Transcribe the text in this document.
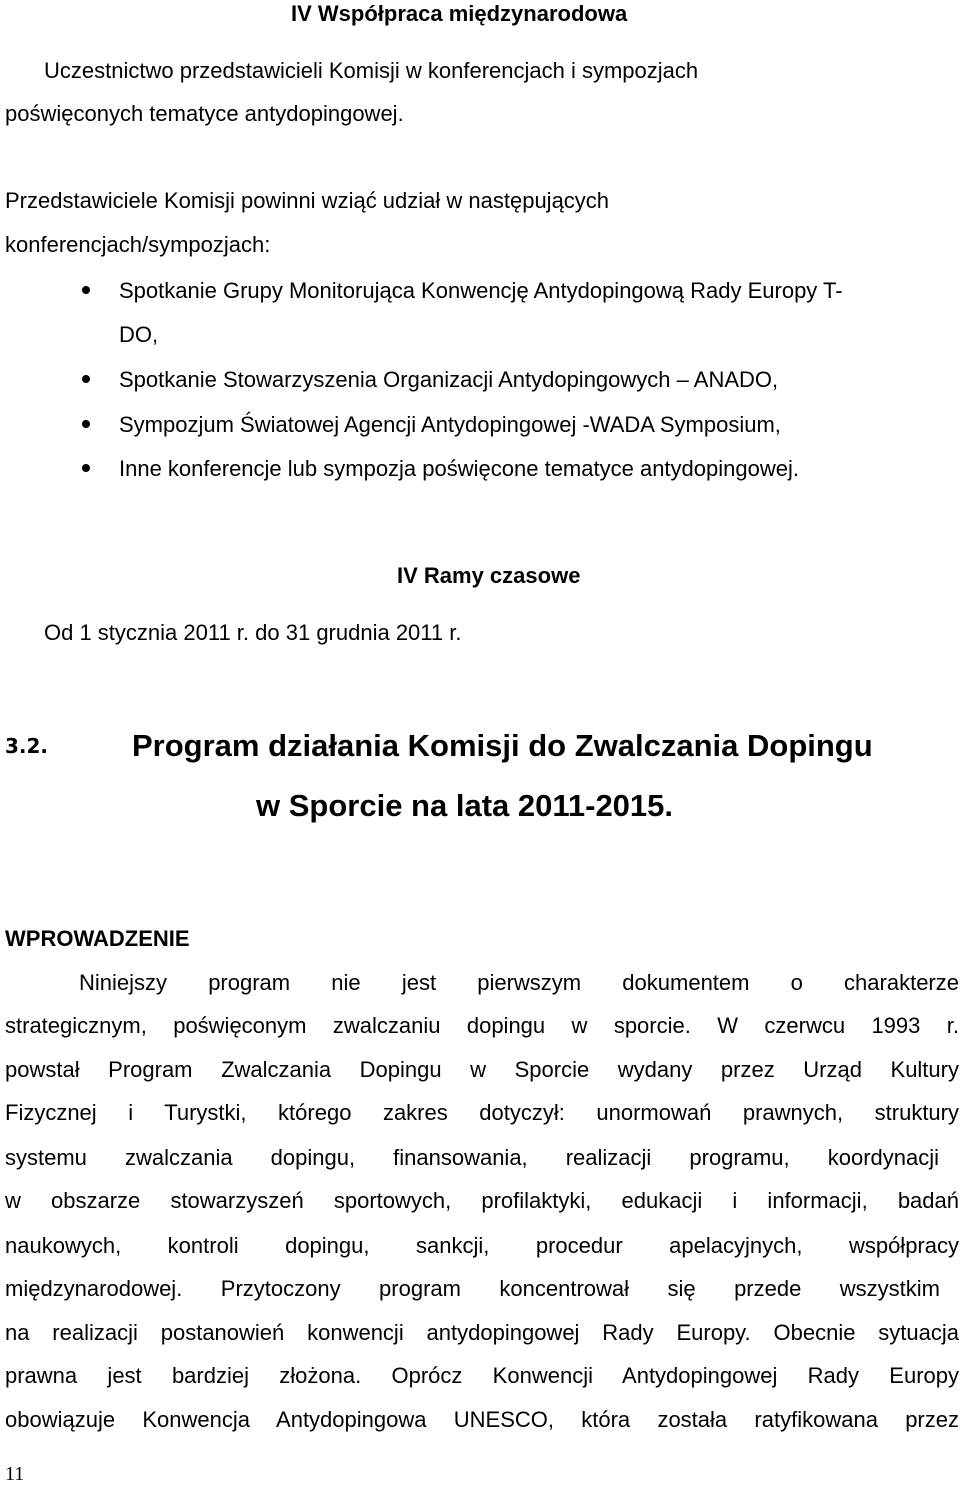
IV Współpraca międzynarodowa
Uczestnictwo przedstawicieli Komisji w konferencjach i sympozjach
poświęconych tematyce antydopingowej.
Przedstawiciele Komisji powinni wziąć udział w następujących
konferencjach/sympozjach:
Spotkanie Grupy Monitorująca Konwencję Antydopingową Rady Europy T-
DO,
Spotkanie Stowarzyszenia Organizacji Antydopingowych – ANADO,
Sympozjum Światowej Agencji Antydopingowej -WADA Symposium,
Inne konferencje lub sympozja poświęcone tematyce antydopingowej.
IV Ramy czasowe
Od 1 stycznia 2011 r. do 31 grudnia 2011 r.
3.2.	Program działania Komisji do Zwalczania Dopingu
w Sporcie na lata 2011-2015.
WPROWADZENIE
Niniejszy program nie jest pierwszym dokumentem o charakterze
strategicznym, poświęconym zwalczaniu dopingu w sporcie. W czerwcu 1993 r.
powstał Program Zwalczania Dopingu w Sporcie wydany przez Urząd Kultury
Fizycznej i Turystki, którego zakres dotyczył: unormowań prawnych, struktury
systemu zwalczania dopingu, finansowania, realizacji programu, koordynacji
w obszarze stowarzyszeń sportowych, profilaktyki, edukacji i informacji, badań
naukowych, kontroli dopingu, sankcji, procedur apelacyjnych, współpracy
międzynarodowej. Przytoczony program koncentrował się przede wszystkim
na realizacji postanowień konwencji antydopingowej Rady Europy. Obecnie sytuacja
prawna jest bardziej złożona. Oprócz Konwencji Antydopingowej Rady Europy
obowiązuje Konwencja Antydopingowa UNESCO, która została ratyfikowana przez
11
